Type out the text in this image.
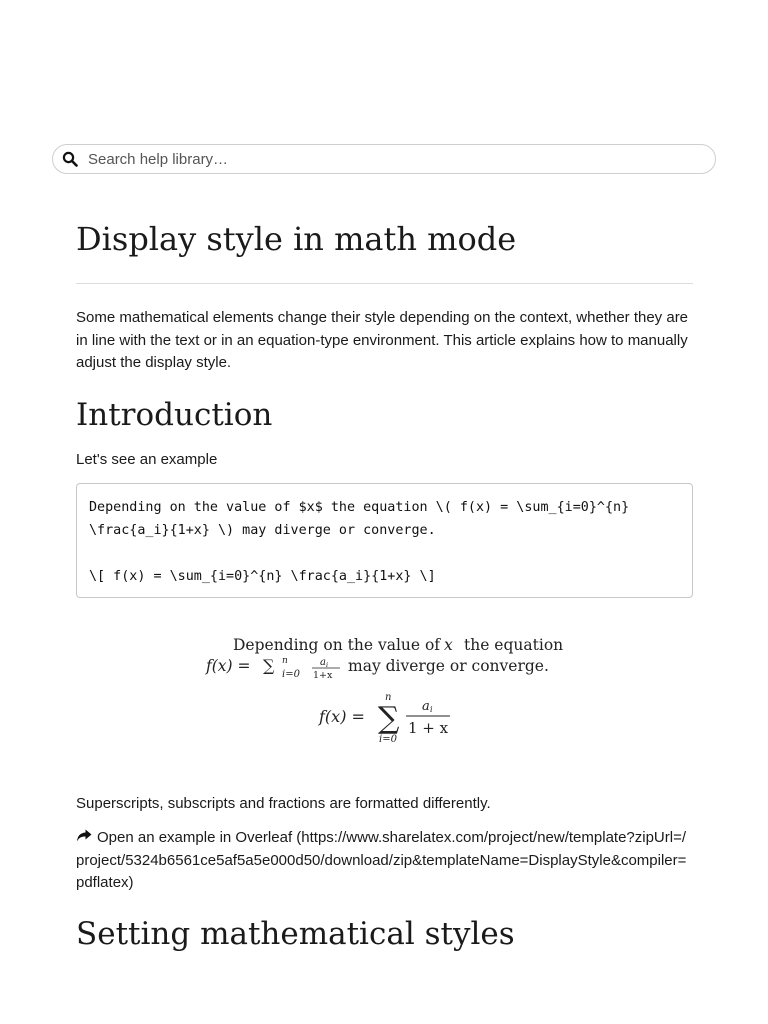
Search help library…
Display style in math mode

Some mathematical elements change their style depending on the context, whether they are in line with the text or in an equation-type environment. This article explains how to manually adjust the display style.

Introduction

Let's see an example

Depending on the value of $x$ the equation \( f(x) = \sum_{i=0}^{n}
\frac{a_i}{1+x} \) may diverge or converge.

\[ f(x) = \sum_{i=0}^{n} \frac{a_i}{1+x} \]
Depending on the value of x the equation
f(x) = ∑ n
i=0
a i
1+x
may diverge or converge.
f(x) = ∑
n
i=0
a i
1 + x

Superscripts, subscripts and fractions are formatted differently.

Open an example in Overleaf (https://www.sharelatex.com/project/new/template?zipUrl=/project/5324b6561ce5af5a5e000d50/download/zip&templateName=DisplayStyle&compiler=pdflatex)

Setting mathematical styles
